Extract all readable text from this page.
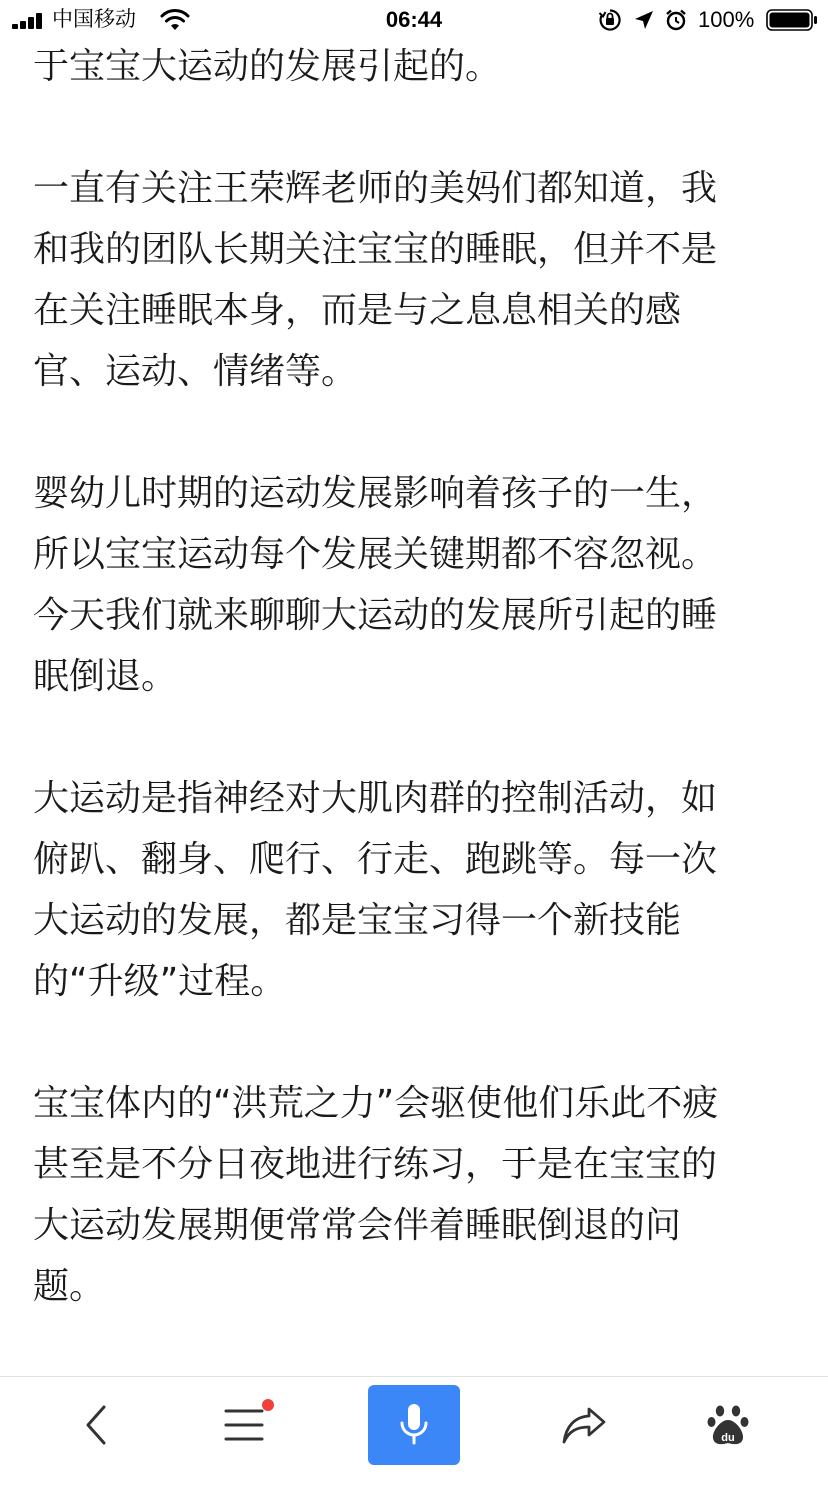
中国移动	06:44	100%

于宝宝大运动的发展引起的。

一直有关注王荣辉老师的美妈们都知道，我
和我的团队长期关注宝宝的睡眠，但并不是
在关注睡眠本身，而是与之息息相关的感
官、运动、情绪等。

婴幼儿时期的运动发展影响着孩子的一生，
所以宝宝运动每个发展关键期都不容忽视。
今天我们就来聊聊大运动的发展所引起的睡
眠倒退。

大运动是指神经对大肌肉群的控制活动，如
俯趴、翻身、爬行、行走、跑跳等。每一次
大运动的发展，都是宝宝习得一个新技能
的“升级”过程。

宝宝体内的“洪荒之力”会驱使他们乐此不疲
甚至是不分日夜地进行练习，于是在宝宝的
大运动发展期便常常会伴着睡眠倒退的问
题。

du
